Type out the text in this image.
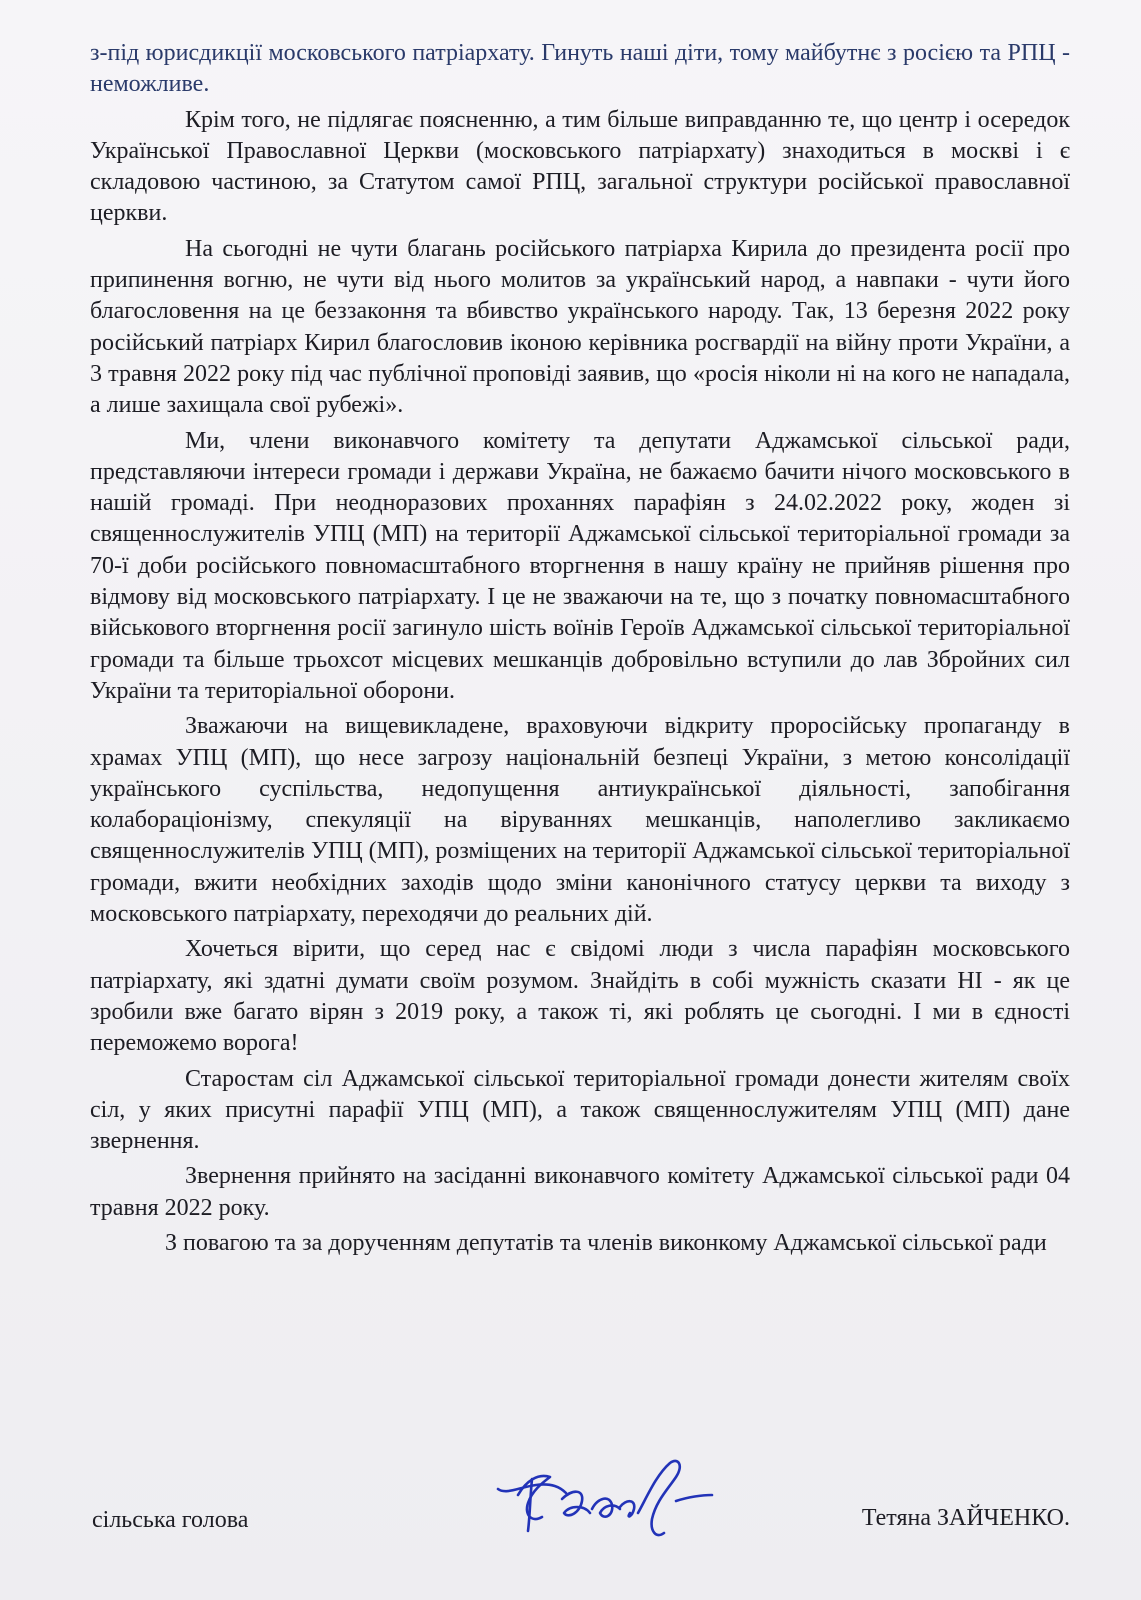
з-під юрисдикції московського патріархату. Гинуть наші діти, тому майбутнє з росією та РПЦ - неможливе.

Крім того, не підлягає поясненню, а тим більше виправданню те, що центр і осередок Української Православної Церкви (московського патріархату) знаходиться в москві і є складовою частиною, за Статутом самої РПЦ, загальної структури російської православної церкви.

На сьогодні не чути благань російського патріарха Кирила до президента росії про припинення вогню, не чути від нього молитов за український народ, а навпаки - чути його благословення на це беззаконня та вбивство українського народу. Так, 13 березня 2022 року російський патріарх Кирил благословив іконою керівника росгвардії на війну проти України, а 3 травня 2022 року під час публічної проповіді заявив, що «росія ніколи ні на кого не нападала, а лише захищала свої рубежі».

Ми, члени виконавчого комітету та депутати Аджамської сільської ради, представляючи інтереси громади і держави Україна, не бажаємо бачити нічого московського в нашій громаді. При неодноразових проханнях парафіян з 24.02.2022 року, жоден зі священнослужителів УПЦ (МП) на території Аджамської сільської територіальної громади за 70-ї доби російського повномасштабного вторгнення в нашу країну не прийняв рішення про відмову від московського патріархату. І це не зважаючи на те, що з початку повномасштабного військового вторгнення росії загинуло шість воїнів Героїв Аджамської сільської територіальної громади та більше трьохсот місцевих мешканців добровільно вступили до лав Збройних сил України та територіальної оборони.

Зважаючи на вищевикладене, враховуючи відкриту проросійську пропаганду в храмах УПЦ (МП), що несе загрозу національній безпеці України, з метою консолідації українського суспільства, недопущення антиукраїнської діяльності, запобігання колабораціонізму, спекуляції на віруваннях мешканців, наполегливо закликаємо священнослужителів УПЦ (МП), розміщених на території Аджамської сільської територіальної громади, вжити необхідних заходів щодо зміни канонічного статусу церкви та виходу з московського патріархату, переходячи до реальних дій.

Хочеться вірити, що серед нас є свідомі люди з числа парафіян московського патріархату, які здатні думати своїм розумом. Знайдіть в собі мужність сказати НІ - як це зробили вже багато вірян з 2019 року, а також ті, які роблять це сьогодні. І ми в єдності переможемо ворога!

Старостам сіл Аджамської сільської територіальної громади донести жителям своїх сіл, у яких присутні парафії УПЦ (МП), а також священнослужителям УПЦ (МП) дане звернення.

Звернення прийнято на засіданні виконавчого комітету Аджамської сільської ради 04 травня 2022 року.

З повагою та за дорученням депутатів та членів виконкому Аджамської сільської ради

сільська голова	Тетяна ЗАЙЧЕНКО.
